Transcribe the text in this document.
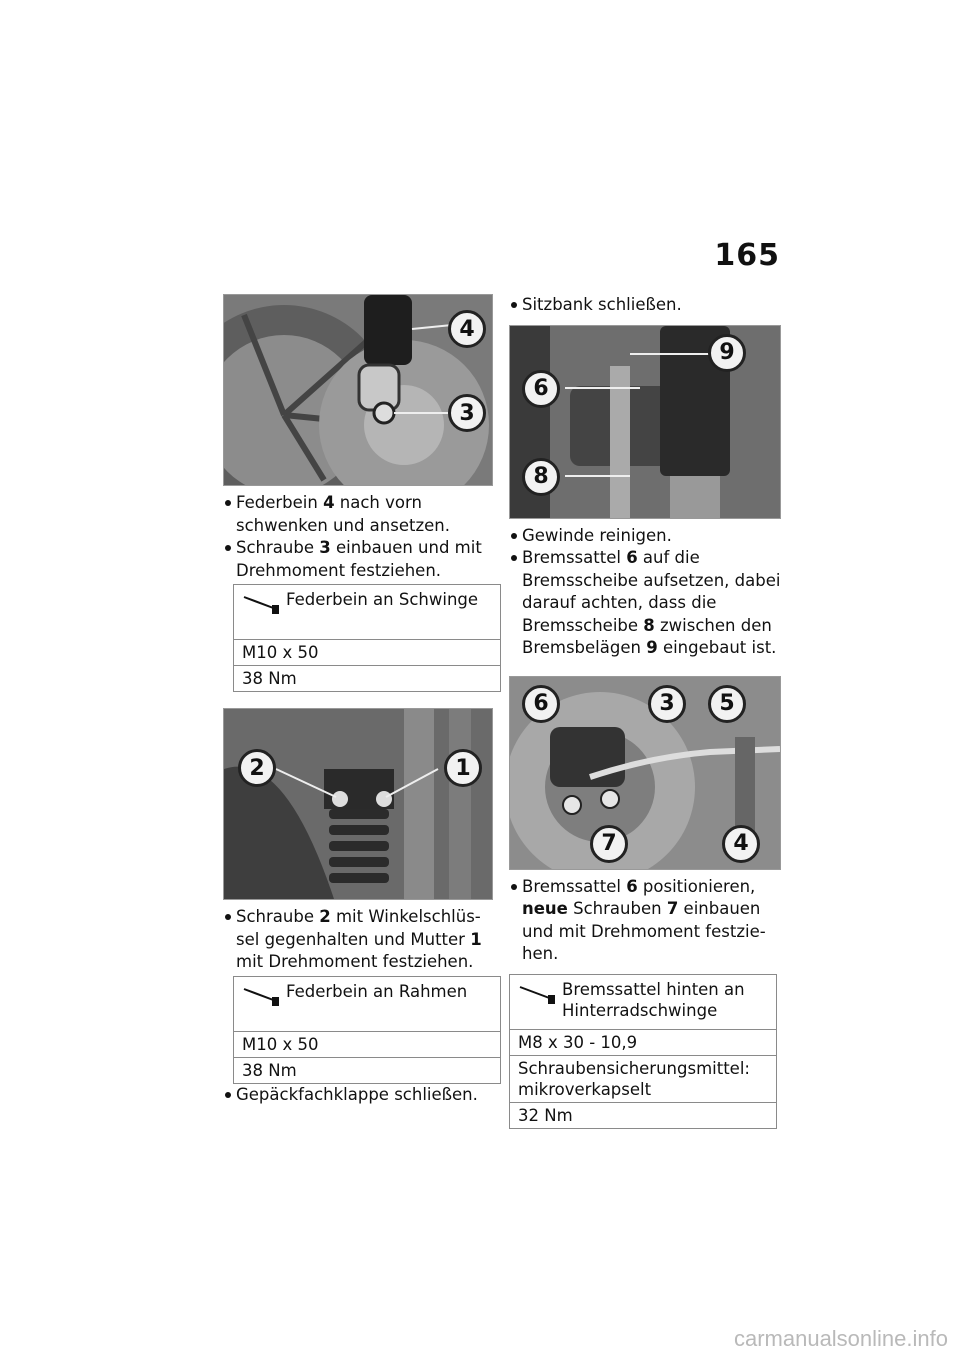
165
4
3
Federbein 4 nach vorn schwenken und ansetzen.
Schraube 3 einbauen und mit Drehmoment festziehen.
Federbein an Schwinge
M10 x 50
38 Nm
2	1
Schraube 2 mit Winkelschlüssel gegenhalten und Mutter 1 mit Drehmoment festziehen.
Federbein an Rahmen
M10 x 50
38 Nm
Gepäckfachklappe schließen.
Sitzbank schließen.
9
6
8
Gewinde reinigen.
Bremssattel 6 auf die Bremsscheibe aufsetzen, dabei darauf achten, dass die Bremsscheibe 8 zwischen den Bremsbelägen 9 eingebaut ist.
6	3	5
7	4
Bremssattel 6 positionieren, neue Schrauben 7 einbauen und mit Drehmoment festziehen.
Bremssattel hinten an Hinterradschwinge
M8 x 30 - 10,9
Schraubensicherungsmittel: mikroverkapselt
32 Nm
carmanualsonline.info
